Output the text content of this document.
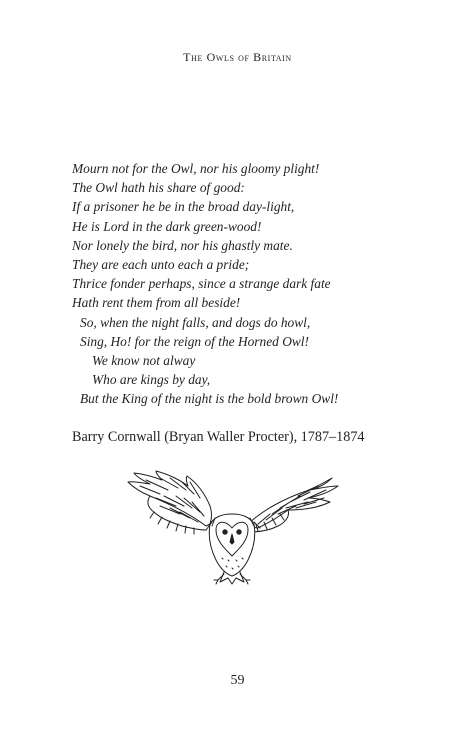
The Owls of Britain
Mourn not for the Owl, nor his gloomy plight!
The Owl hath his share of good:
If a prisoner he be in the broad day-light,
He is Lord in the dark green-wood!
Nor lonely the bird, nor his ghastly mate.
They are each unto each a pride;
Thrice fonder perhaps, since a strange dark fate
Hath rent them from all beside!
So, when the night falls, and dogs do howl,
Sing, Ho! for the reign of the Horned Owl!
We know not alway
Who are kings by day,
But the King of the night is the bold brown Owl!
Barry Cornwall (Bryan Waller Procter), 1787–1874
59
